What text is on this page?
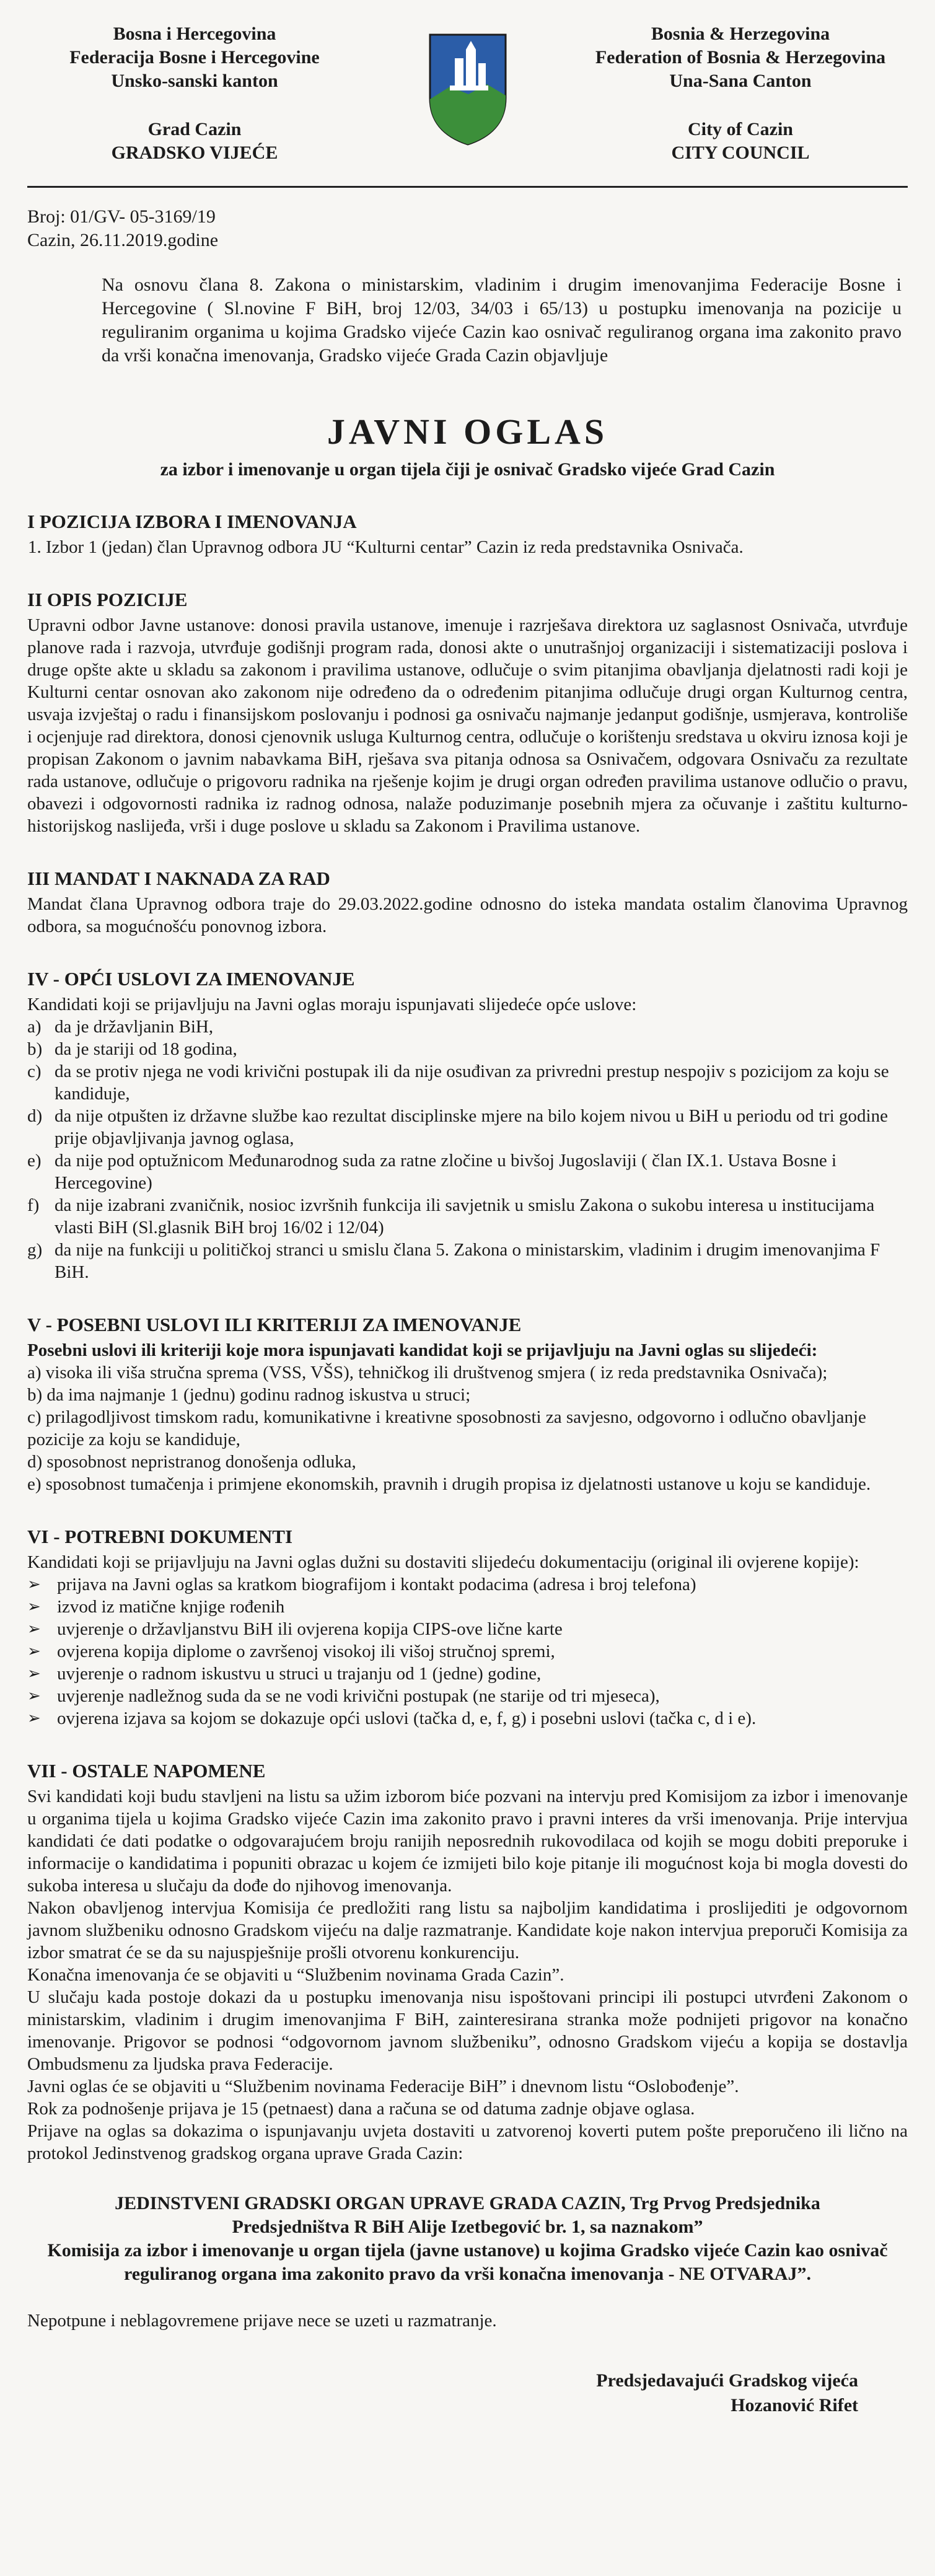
Bosna i Hercegovina
Federacija Bosne i Hercegovine
Unsko-sanski kanton
Grad Cazin
GRADSKO VIJEĆE
Bosnia & Herzegovina
Federation of Bosnia & Herzegovina
Una-Sana Canton
City of Cazin
CITY COUNCIL
Broj: 01/GV- 05-3169/19
Cazin, 26.11.2019.godine

Na osnovu člana 8. Zakona o ministarskim, vladinim i drugim imenovanjima Federacije Bosne i Hercegovine ( Sl.novine F BiH, broj 12/03, 34/03 i 65/13) u postupku imenovanja na pozicije u reguliranim organima u kojima Gradsko vijeće Cazin kao osnivač reguliranog organa ima zakonito pravo da vrši konačna imenovanja, Gradsko vijeće Grada Cazin objavljuje

JAVNI OGLAS
za izbor i imenovanje u organ tijela čiji je osnivač Gradsko vijeće Grad Cazin
I POZICIJA IZBORA I IMENOVANJA
1. Izbor 1 (jedan) član Upravnog odbora JU “Kulturni centar” Cazin iz reda predstavnika Osnivača.
II OPIS POZICIJE

Upravni odbor Javne ustanove: donosi pravila ustanove, imenuje i razrješava direktora uz saglasnost Osnivača, utvrđuje planove rada i razvoja, utvrđuje godišnji program rada, donosi akte o unutrašnjoj organizaciji i sistematizaciji poslova i druge opšte akte u skladu sa zakonom i pravilima ustanove, odlučuje o svim pitanjima obavljanja djelatnosti radi koji je Kulturni centar osnovan ako zakonom nije određeno da o određenim pitanjima odlučuje drugi organ Kulturnog centra, usvaja izvještaj o radu i finansijskom poslovanju i podnosi ga osnivaču najmanje jedanput godišnje, usmjerava, kontroliše i ocjenjuje rad direktora, donosi cjenovnik usluga Kulturnog centra, odlučuje o korištenju sredstava u okviru iznosa koji je propisan Zakonom o javnim nabavkama BiH, rješava sva pitanja odnosa sa Osnivačem, odgovara Osnivaču za rezultate rada ustanove, odlučuje o prigovoru radnika na rješenje kojim je drugi organ određen pravilima ustanove odlučio o pravu, obavezi i odgovornosti radnika iz radnog odnosa, nalaže poduzimanje posebnih mjera za očuvanje i zaštitu kulturno-historijskog naslijeđa, vrši i duge poslove u skladu sa Zakonom i Pravilima ustanove.

III MANDAT I NAKNADA ZA RAD

Mandat člana Upravnog odbora traje do 29.03.2022.godine odnosno do isteka mandata ostalim članovima Upravnog odbora, sa mogućnošću ponovnog izbora.

IV - OPĆI USLOVI ZA IMENOVANJE

Kandidati koji se prijavljuju na Javni oglas moraju ispunjavati slijedeće opće uslove:

a) da je državljanin BiH,
b) da je stariji od 18 godina,
c) da se protiv njega ne vodi krivični postupak ili da nije osuđivan za privredni prestup nespojiv s pozicijom za koju se kandiduje,
d) da nije otpušten iz državne službe kao rezultat disciplinske mjere na bilo kojem nivou u BiH u periodu od tri godine prije objavljivanja javnog oglasa,
e) da nije pod optužnicom Međunarodnog suda za ratne zločine u bivšoj Jugoslaviji ( član IX.1. Ustava Bosne i Hercegovine)
f) da nije izabrani zvaničnik, nosioc izvršnih funkcija ili savjetnik u smislu Zakona o sukobu interesa u institucijama vlasti BiH (Sl.glasnik BiH broj 16/02 i 12/04)
g) da nije na funkciji u političkoj stranci u smislu člana 5. Zakona o ministarskim, vladinim i drugim imenovanjima F BiH.
V - POSEBNI USLOVI ILI KRITERIJI ZA IMENOVANJE

Posebni uslovi ili kriteriji koje mora ispunjavati kandidat koji se prijavljuju na Javni oglas su slijedeći:

a) visoka ili viša stručna sprema (VSS, VŠS), tehničkog ili društvenog smjera ( iz reda predstavnika Osnivača);

b) da ima najmanje 1 (jednu) godinu radnog iskustva u struci;

c) prilagodljivost timskom radu, komunikativne i kreativne sposobnosti za savjesno, odgovorno i odlučno obavljanje pozicije za koju se kandiduje,

d) sposobnost nepristranog donošenja odluka,

e) sposobnost tumačenja i primjene ekonomskih, pravnih i drugih propisa iz djelatnosti ustanove u koju se kandiduje.

VI - POTREBNI DOKUMENTI

Kandidati koji se prijavljuju na Javni oglas dužni su dostaviti slijedeću dokumentaciju (original ili ovjerene kopije):

➢ prijava na Javni oglas sa kratkom biografijom i kontakt podacima (adresa i broj telefona)
➢ izvod iz matične knjige rođenih
➢ uvjerenje o državljanstvu BiH ili ovjerena kopija CIPS-ove lične karte
➢ ovjerena kopija diplome o završenoj visokoj ili višoj stručnoj spremi,
➢ uvjerenje o radnom iskustvu u struci u trajanju od 1 (jedne) godine,
➢ uvjerenje nadležnog suda da se ne vodi krivični postupak (ne starije od tri mjeseca),
➢ ovjerena izjava sa kojom se dokazuje opći uslovi (tačka d, e, f, g) i posebni uslovi (tačka c, d i e).
VII - OSTALE NAPOMENE

Svi kandidati koji budu stavljeni na listu sa užim izborom biće pozvani na intervju pred Komisijom za izbor i imenovanje u organima tijela u kojima Gradsko vijeće Cazin ima zakonito pravo i pravni interes da vrši imenovanja. Prije intervjua kandidati će dati podatke o odgovarajućem broju ranijih neposrednih rukovodilaca od kojih se mogu dobiti preporuke i informacije o kandidatima i popuniti obrazac u kojem će izmijeti bilo koje pitanje ili mogućnost koja bi mogla dovesti do sukoba interesa u slučaju da dođe do njihovog imenovanja.

Nakon obavljenog intervjua Komisija će predložiti rang listu sa najboljim kandidatima i proslijediti je odgovornom javnom službeniku odnosno Gradskom vijeću na dalje razmatranje. Kandidate koje nakon intervjua preporuči Komisija za izbor smatrat će se da su najuspješnije prošli otvorenu konkurenciju.

Konačna imenovanja će se objaviti u “Službenim novinama Grada Cazin”.

U slučaju kada postoje dokazi da u postupku imenovanja nisu ispoštovani principi ili postupci utvrđeni Zakonom o ministarskim, vladinim i drugim imenovanjima F BiH, zainteresirana stranka može podnijeti prigovor na konačno imenovanje. Prigovor se podnosi “odgovornom javnom službeniku”, odnosno Gradskom vijeću a kopija se dostavlja Ombudsmenu za ljudska prava Federacije.

Javni oglas će se objaviti u “Službenim novinama Federacije BiH” i dnevnom listu “Oslobođenje”.

Rok za podnošenje prijava je 15 (petnaest) dana a računa se od datuma zadnje objave oglasa.

Prijave na oglas sa dokazima o ispunjavanju uvjeta dostaviti u zatvorenoj koverti putem pošte preporučeno ili lično na protokol Jedinstvenog gradskog organa uprave Grada Cazin:

JEDINSTVENI GRADSKI ORGAN UPRAVE GRADA CAZIN, Trg Prvog Predsjednika
Predsjedništva R BiH Alije Izetbegović br. 1, sa naznakom”
Komisija za izbor i imenovanje u organ tijela (javne ustanove) u kojima Gradsko vijeće Cazin kao osnivač reguliranog organa ima zakonito pravo da vrši konačna imenovanja - NE OTVARAJ”.
Nepotpune i neblagovremene prijave nece se uzeti u razmatranje.
Predsjedavajući Gradskog vijeća
Hozanović Rifet
